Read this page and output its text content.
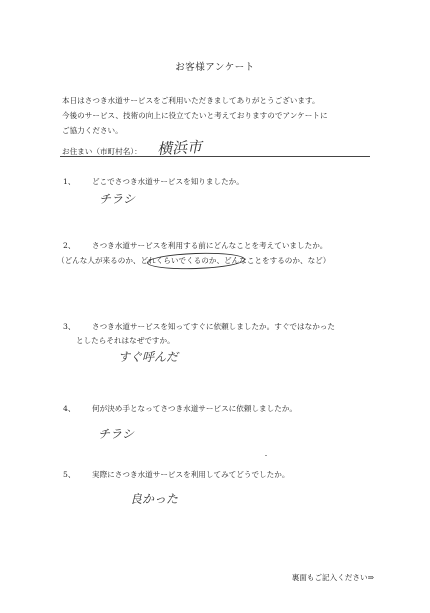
お客様アンケート
本日はさつき水道サービスをご利用いただきましてありがとうございます。
今後のサービス、技術の向上に役立てたいと考えておりますのでアンケートに
ご協力ください。
お住まい（市町村名）： 横浜市
1、 どこでさつき水道サービスを知りましたか。
チラシ
2、 さつき水道サービスを利用する前にどんなことを考えていましたか。
（どんな人が来るのか、どれくらいでくるのか、どんなことをするのか、など）
3、 さつき水道サービスを知ってすぐに依頼しましたか。すぐではなかった
としたらそれはなぜですか。
すぐ呼んだ
4、 何が決め手となってさつき水道サービスに依頼しましたか。
チラシ
5、 実際にさつき水道サービスを利用してみてどうでしたか。
良かった
裏面もご記入ください⇒
